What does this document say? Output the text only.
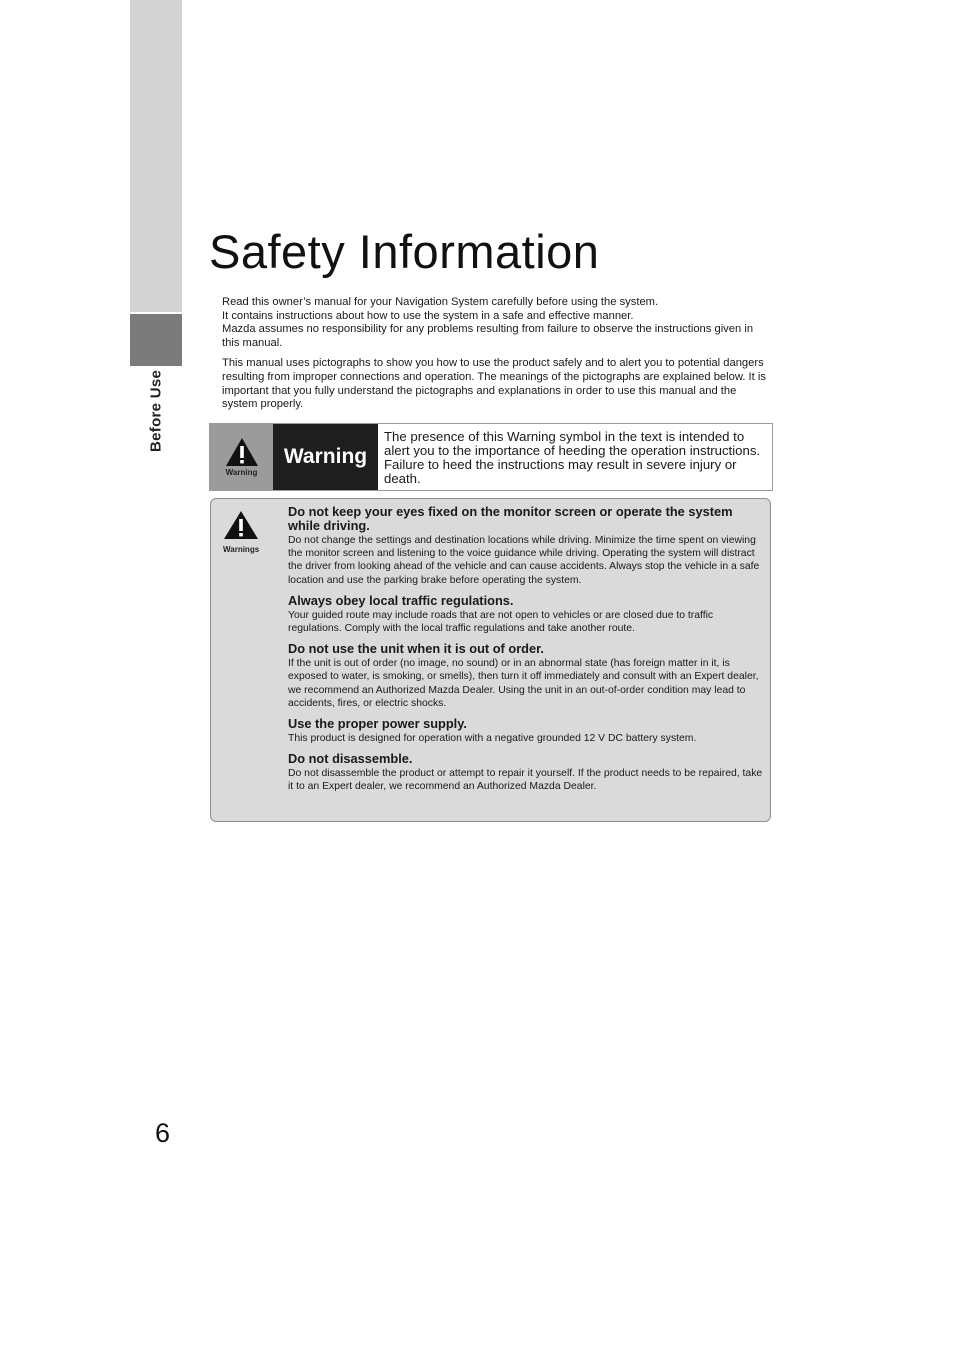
Before Use
Safety Information

Read this owner’s manual for your Navigation System carefully before using the system.
It contains instructions about how to use the system in a safe and effective manner.
Mazda assumes no responsibility for any problems resulting from failure to observe the instructions given in this manual.

This manual uses pictographs to show you how to use the product safely and to alert you to potential dangers resulting from improper connections and operation. The meanings of the pictographs are explained below. It is important that you fully understand the pictographs and explanations in order to use this manual and the system properly.

Warning
Warning
The presence of this Warning symbol in the text is intended to alert you to the importance of heeding the operation instructions. Failure to heed the instructions may result in severe injury or death.
Warnings
Do not keep your eyes fixed on the monitor screen or operate the system while driving.

Do not change the settings and destination locations while driving. Minimize the time spent on viewing the monitor screen and listening to the voice guidance while driving. Operating the system will distract the driver from looking ahead of the vehicle and can cause accidents. Always stop the vehicle in a safe location and use the parking brake before operating the system.

Always obey local traffic regulations.

Your guided route may include roads that are not open to vehicles or are closed due to traffic regulations. Comply with the local traffic regulations and take another route.

Do not use the unit when it is out of order.

If the unit is out of order (no image, no sound) or in an abnormal state (has foreign matter in it, is exposed to water, is smoking, or smells), then turn it off immediately and consult with an Expert dealer, we recommend an Authorized Mazda Dealer. Using the unit in an out-of-order condition may lead to accidents, fires, or electric shocks.

Use the proper power supply.

This product is designed for operation with a negative grounded 12 V DC battery system.

Do not disassemble.

Do not disassemble the product or attempt to repair it yourself. If the product needs to be repaired, take it to an Expert dealer, we recommend an Authorized Mazda Dealer.

6
